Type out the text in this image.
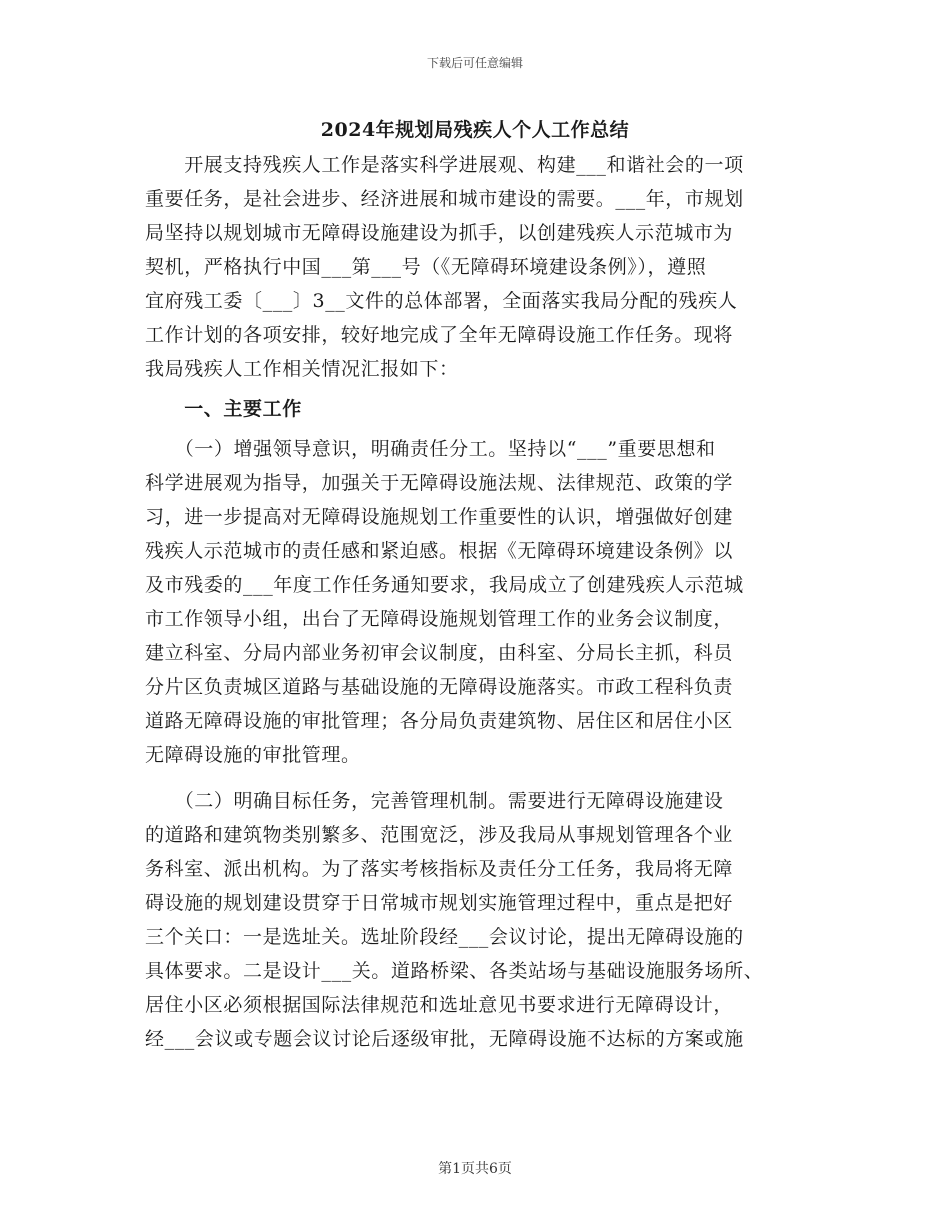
下载后可任意编辑
2024年规划局残疾人个人工作总结
　　开展支持残疾人工作是落实科学进展观、构建___和谐社会的一项
重要任务，是社会进步、经济进展和城市建设的需要。___年，市规划
局坚持以规划城市无障碍设施建设为抓手，以创建残疾人示范城市为
契机，严格执行中国___第___号（《无障碍环境建设条例》），遵照
宜府残工委〔___〕3__文件的总体部署，全面落实我局分配的残疾人
工作计划的各项安排，较好地完成了全年无障碍设施工作任务。现将
我局残疾人工作相关情况汇报如下：
　　一、主要工作
　　（一）增强领导意识，明确责任分工。坚持以“___”重要思想和
科学进展观为指导，加强关于无障碍设施法规、法律规范、政策的学
习，进一步提高对无障碍设施规划工作重要性的认识，增强做好创建
残疾人示范城市的责任感和紧迫感。根据《无障碍环境建设条例》以
及市残委的___年度工作任务通知要求，我局成立了创建残疾人示范城
市工作领导小组，出台了无障碍设施规划管理工作的业务会议制度，
建立科室、分局内部业务初审会议制度，由科室、分局长主抓，科员
分片区负责城区道路与基础设施的无障碍设施落实。市政工程科负责
道路无障碍设施的审批管理；各分局负责建筑物、居住区和居住小区
无障碍设施的审批管理。
　　（二）明确目标任务，完善管理机制。需要进行无障碍设施建设
的道路和建筑物类别繁多、范围宽泛，涉及我局从事规划管理各个业
务科室、派出机构。为了落实考核指标及责任分工任务，我局将无障
碍设施的规划建设贯穿于日常城市规划实施管理过程中，重点是把好
三个关口：一是选址关。选址阶段经___会议讨论，提出无障碍设施的
具体要求。二是设计___关。道路桥梁、各类站场与基础设施服务场所、
居住小区必须根据国际法律规范和选址意见书要求进行无障碍设计，
经___会议或专题会议讨论后逐级审批，无障碍设施不达标的方案或施
第1页共6页
